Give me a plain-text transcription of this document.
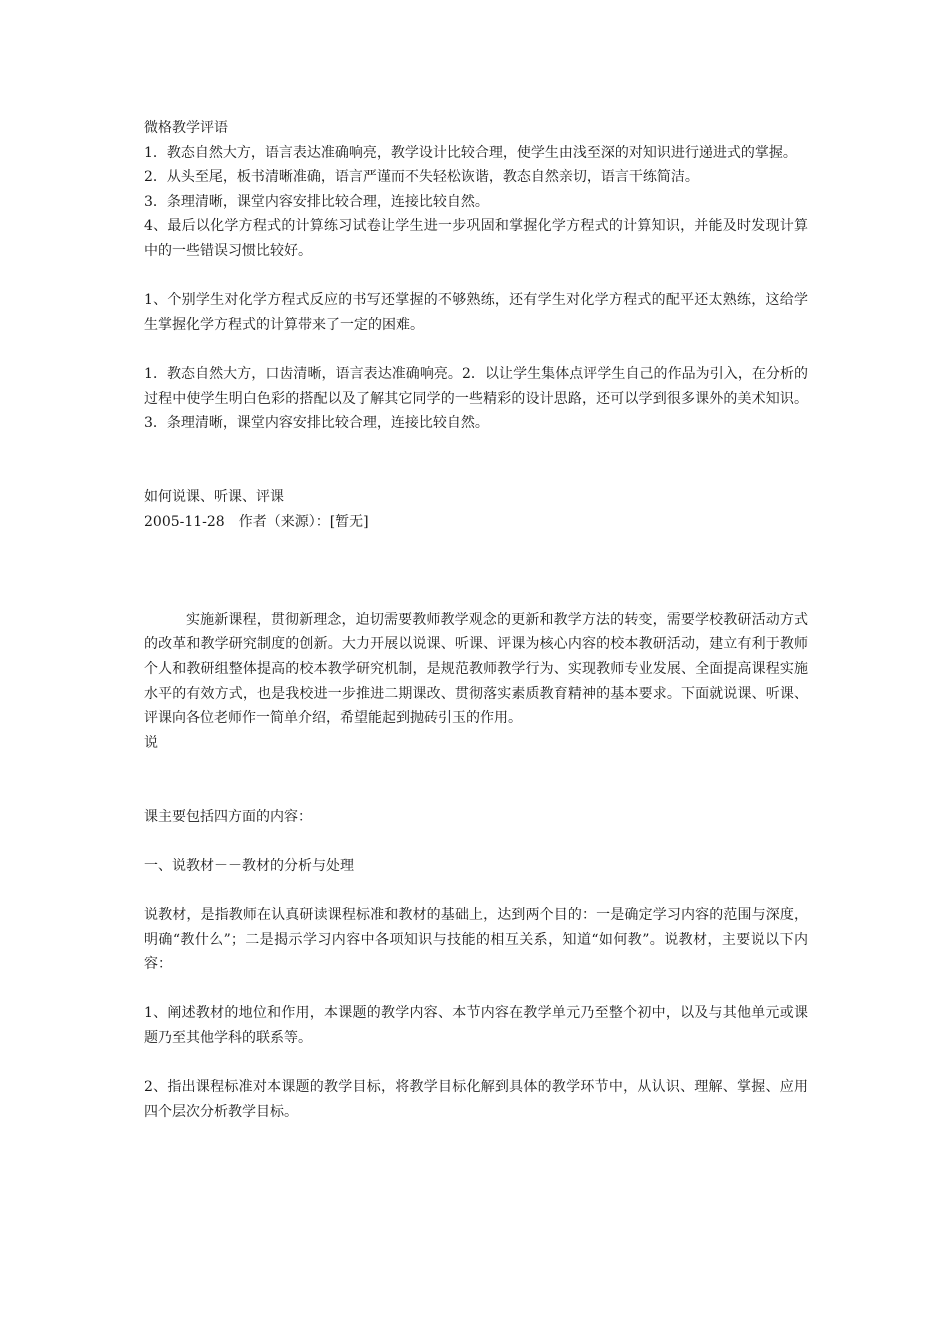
微格教学评语

1．教态自然大方，语言表达准确响亮，教学设计比较合理，使学生由浅至深的对知识进行递进式的掌握。

2．从头至尾，板书清晰准确，语言严谨而不失轻松诙谐，教态自然亲切，语言干练简洁。

3．条理清晰，课堂内容安排比较合理，连接比较自然。

4、最后以化学方程式的计算练习试卷让学生进一步巩固和掌握化学方程式的计算知识，并能及时发现计算中的一些错误习惯比较好。

1、个别学生对化学方程式反应的书写还掌握的不够熟练，还有学生对化学方程式的配平还太熟练，这给学生掌握化学方程式的计算带来了一定的困难。

1．教态自然大方，口齿清晰，语言表达准确响亮。2．以让学生集体点评学生自己的作品为引入，在分析的过程中使学生明白色彩的搭配以及了解其它同学的一些精彩的设计思路，还可以学到很多课外的美术知识。 3．条理清晰，课堂内容安排比较合理，连接比较自然。

如何说课、听课、评课

2005-11-28　作者（来源）：[暂无]

实施新课程，贯彻新理念，迫切需要教师教学观念的更新和教学方法的转变，需要学校教研活动方式的改革和教学研究制度的创新。大力开展以说课、听课、评课为核心内容的校本教研活动，建立有利于教师个人和教研组整体提高的校本教学研究机制，是规范教师教学行为、实现教师专业发展、全面提高课程实施水平的有效方式，也是我校进一步推进二期课改、贯彻落实素质教育精神的基本要求。下面就说课、听课、评课向各位老师作一简单介绍，希望能起到抛砖引玉的作用。

说

课主要包括四方面的内容：

一、说教材－－教材的分析与处理

说教材，是指教师在认真研读课程标准和教材的基础上，达到两个目的：一是确定学习内容的范围与深度，明确“教什么”；二是揭示学习内容中各项知识与技能的相互关系，知道“如何教”。说教材，主要说以下内容：

1、阐述教材的地位和作用，本课题的教学内容、本节内容在教学单元乃至整个初中，以及与其他单元或课题乃至其他学科的联系等。

2、指出课程标准对本课题的教学目标，将教学目标化解到具体的教学环节中，从认识、理解、掌握、应用四个层次分析教学目标。
